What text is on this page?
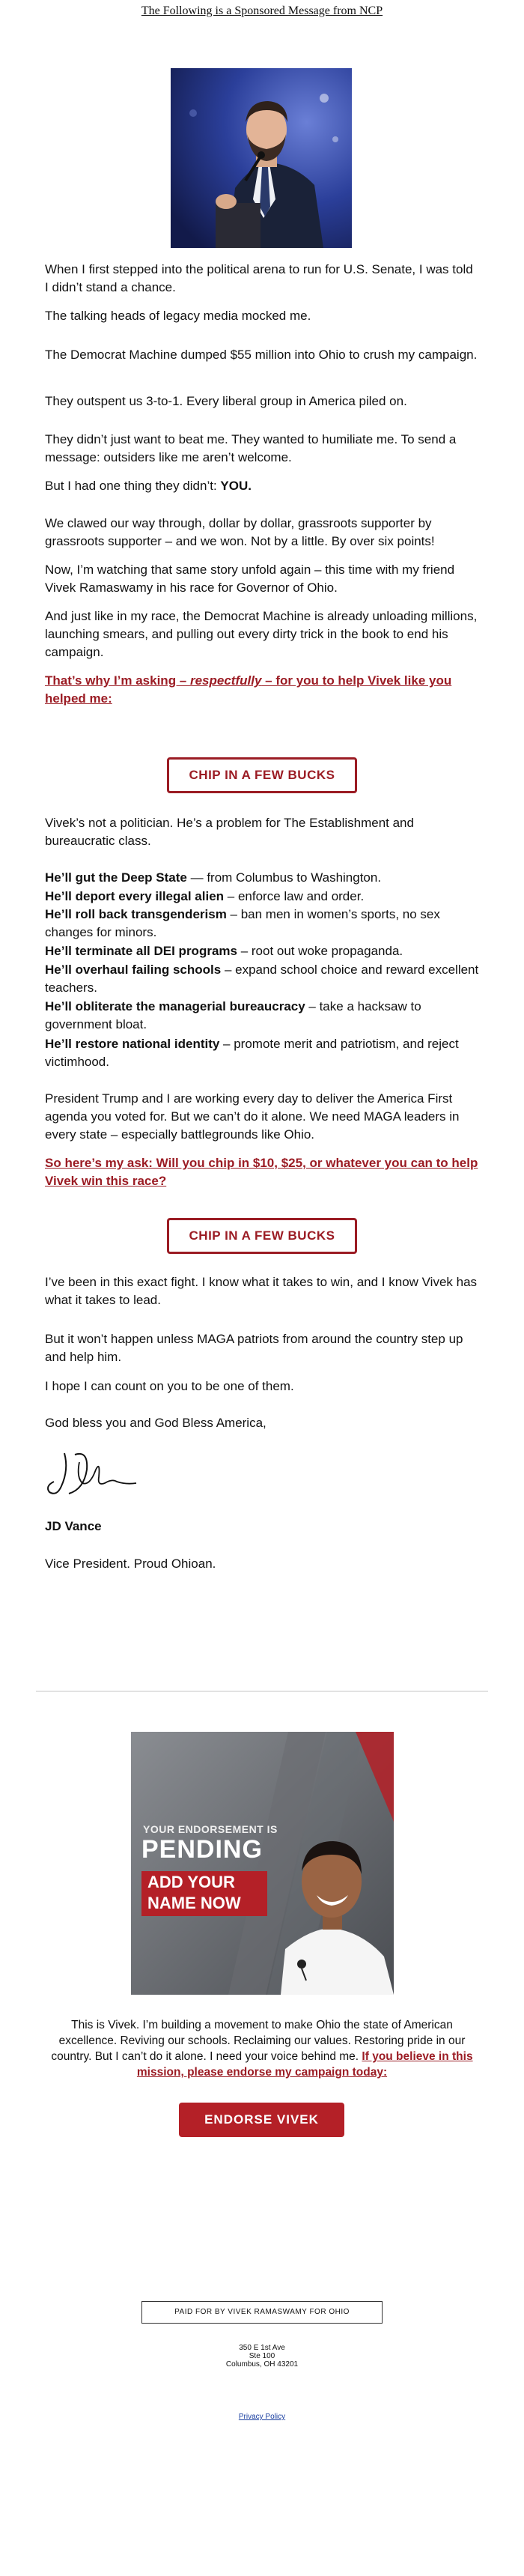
The Following is a Sponsored Message from NCP

When I first stepped into the political arena to run for U.S. Senate, I was told I didn’t stand a chance.

The talking heads of legacy media mocked me.

The Democrat Machine dumped $55 million into Ohio to crush my campaign.

They outspent us 3-to-1. Every liberal group in America piled on.

They didn’t just want to beat me. They wanted to humiliate me. To send a message: outsiders like me aren’t welcome.

But I had one thing they didn’t: YOU.

We clawed our way through, dollar by dollar, grassroots supporter by grassroots supporter – and we won. Not by a little. By over six points!

Now, I’m watching that same story unfold again – this time with my friend Vivek Ramaswamy in his race for Governor of Ohio.

And just like in my race, the Democrat Machine is already unloading millions, launching smears, and pulling out every dirty trick in the book to end his campaign.

That’s why I’m asking – respectfully – for you to help Vivek like you helped me:

CHIP IN A FEW BUCKS

Vivek’s not a politician. He’s a problem for The Establishment and bureaucratic class.

He’ll gut the Deep State — from Columbus to Washington.

He’ll deport every illegal alien – enforce law and order.

He’ll roll back transgenderism – ban men in women’s sports, no sex changes for minors.

He’ll terminate all DEI programs – root out woke propaganda.

He’ll overhaul failing schools – expand school choice and reward excellent teachers.

He’ll obliterate the managerial bureaucracy – take a hacksaw to government bloat.

He’ll restore national identity – promote merit and patriotism, and reject victimhood.

President Trump and I are working every day to deliver the America First agenda you voted for. But we can’t do it alone. We need MAGA leaders in every state – especially battlegrounds like Ohio.

So here’s my ask: Will you chip in $10, $25, or whatever you can to help Vivek win this race?

CHIP IN A FEW BUCKS

I’ve been in this exact fight. I know what it takes to win, and I know Vivek has what it takes to lead.

But it won’t happen unless MAGA patriots from around the country step up and help him.

I hope I can count on you to be one of them.

God bless you and God Bless America,

JD Vance

Vice President. Proud Ohioan.

YOUR ENDORSEMENT IS
PENDING
ADD YOUR
NAME NOW

This is Vivek. I’m building a movement to make Ohio the state of American excellence. Reviving our schools. Reclaiming our values. Restoring pride in our country. But I can’t do it alone. I need your voice behind me. If you believe in this mission, please endorse my campaign today:

ENDORSE VIVEK
PAID FOR BY VIVEK RAMASWAMY FOR OHIO
350 E 1st Ave
Ste 100
Columbus, OH 43201
Privacy Policy
